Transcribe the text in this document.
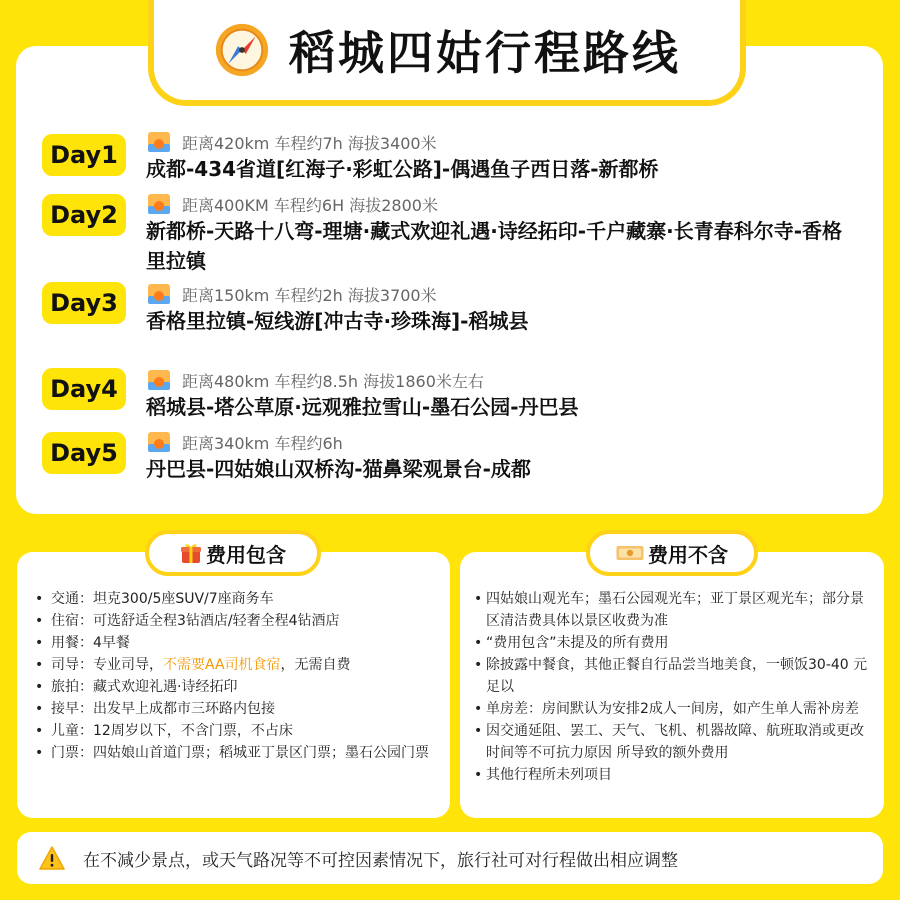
稻城四姑行程路线
Day1	距离420km 车程约7h 海拔3400米
成都-434省道[红海子·彩虹公路]-偶遇鱼子西日落-新都桥
Day2	距离400KM 车程约6H 海拔2800米
新都桥-天路十八弯-理塘·藏式欢迎礼遇·诗经拓印-千户藏寨·长青春科尔寺-香格里拉镇
Day3	距离150km 车程约2h 海拔3700米
香格里拉镇-短线游[冲古寺·珍珠海]-稻城县
Day4	距离480km 车程约8.5h 海拔1860米左右
稻城县-塔公草原·远观雅拉雪山-墨石公园-丹巴县
Day5	距离340km 车程约6h
丹巴县-四姑娘山双桥沟-猫鼻梁观景台-成都
费用包含
• 交通：坦克300/5座SUV/7座商务车
• 住宿：可选舒适全程3钻酒店/轻奢全程4钻酒店
• 用餐：4早餐
• 司导：专业司导，不需要AA司机食宿，无需自费
• 旅拍：藏式欢迎礼遇·诗经拓印
• 接早：出发早上成都市三环路内包接
• 儿童：12周岁以下，不含门票，不占床
• 门票：四姑娘山首道门票；稻城亚丁景区门票；墨石公园门票
费用不含
• 四姑娘山观光车；墨石公园观光车；亚丁景区观光车；部分景区清洁费具体以景区收费为准
• “费用包含”未提及的所有费用
• 除披露中餐食，其他正餐自行品尝当地美食，一顿饭30-40 元足以
• 单房差：房间默认为安排2成人一间房，如产生单人需补房差
• 因交通延阻、罢工、天气、飞机、机器故障、航班取消或更改时间等不可抗力原因 所导致的额外费用
• 其他行程所未列项目
在不减少景点，或天气路况等不可控因素情况下，旅行社可对行程做出相应调整
